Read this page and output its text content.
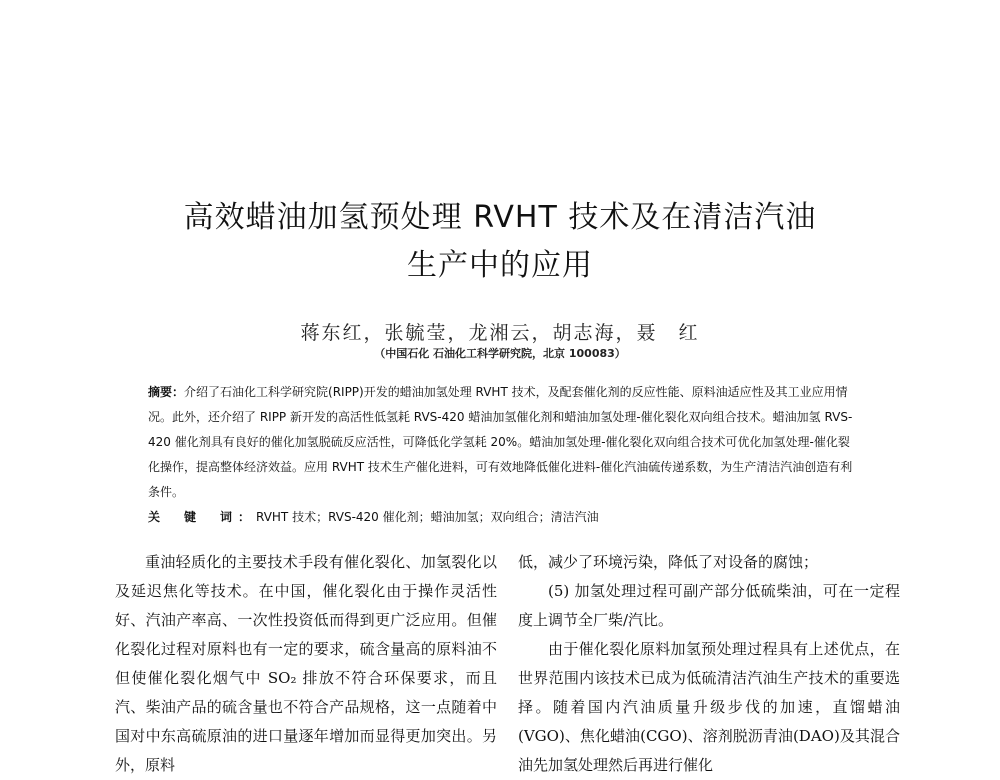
高效蜡油加氢预处理 RVHT 技术及在清洁汽油
生产中的应用
蒋东红，张毓莹，龙湘云，胡志海，聂　红
（中国石化 石油化工科学研究院，北京 100083）
摘要：介绍了石油化工科学研究院(RIPP)开发的蜡油加氢处理 RVHT 技术，及配套催化剂的反应性能、原料油适应性及其工业应用情况。此外，还介绍了 RIPP 新开发的高活性低氢耗 RVS-420 蜡油加氢催化剂和蜡油加氢处理-催化裂化双向组合技术。蜡油加氢 RVS-420 催化剂具有良好的催化加氢脱硫反应活性，可降低化学氢耗 20%。蜡油加氢处理-催化裂化双向组合技术可优化加氢处理-催化裂化操作，提高整体经济效益。应用 RVHT 技术生产催化进料，可有效地降低催化进料-催化汽油硫传递系数，为生产清洁汽油创造有利条件。
关　键　词：RVHT 技术；RVS-420 催化剂；蜡油加氢；双向组合；清洁汽油

重油轻质化的主要技术手段有催化裂化、加氢裂化以及延迟焦化等技术。在中国，催化裂化由于操作灵活性好、汽油产率高、一次性投资低而得到更广泛应用。但催化裂化过程对原料也有一定的要求，硫含量高的原料油不但使催化裂化烟气中 SO₂ 排放不符合环保要求，而且汽、柴油产品的硫含量也不符合产品规格，这一点随着中国对中东高硫原油的进口量逐年增加而显得更加突出。另外，原料

低，减少了环境污染，降低了对设备的腐蚀；

(5) 加氢处理过程可副产部分低硫柴油，可在一定程度上调节全厂柴/汽比。

由于催化裂化原料加氢预处理过程具有上述优点，在世界范围内该技术已成为低硫清洁汽油生产技术的重要选择。随着国内汽油质量升级步伐的加速，直馏蜡油(VGO)、焦化蜡油(CGO)、溶剂脱沥青油(DAO)及其混合油先加氢处理然后再进行催化
